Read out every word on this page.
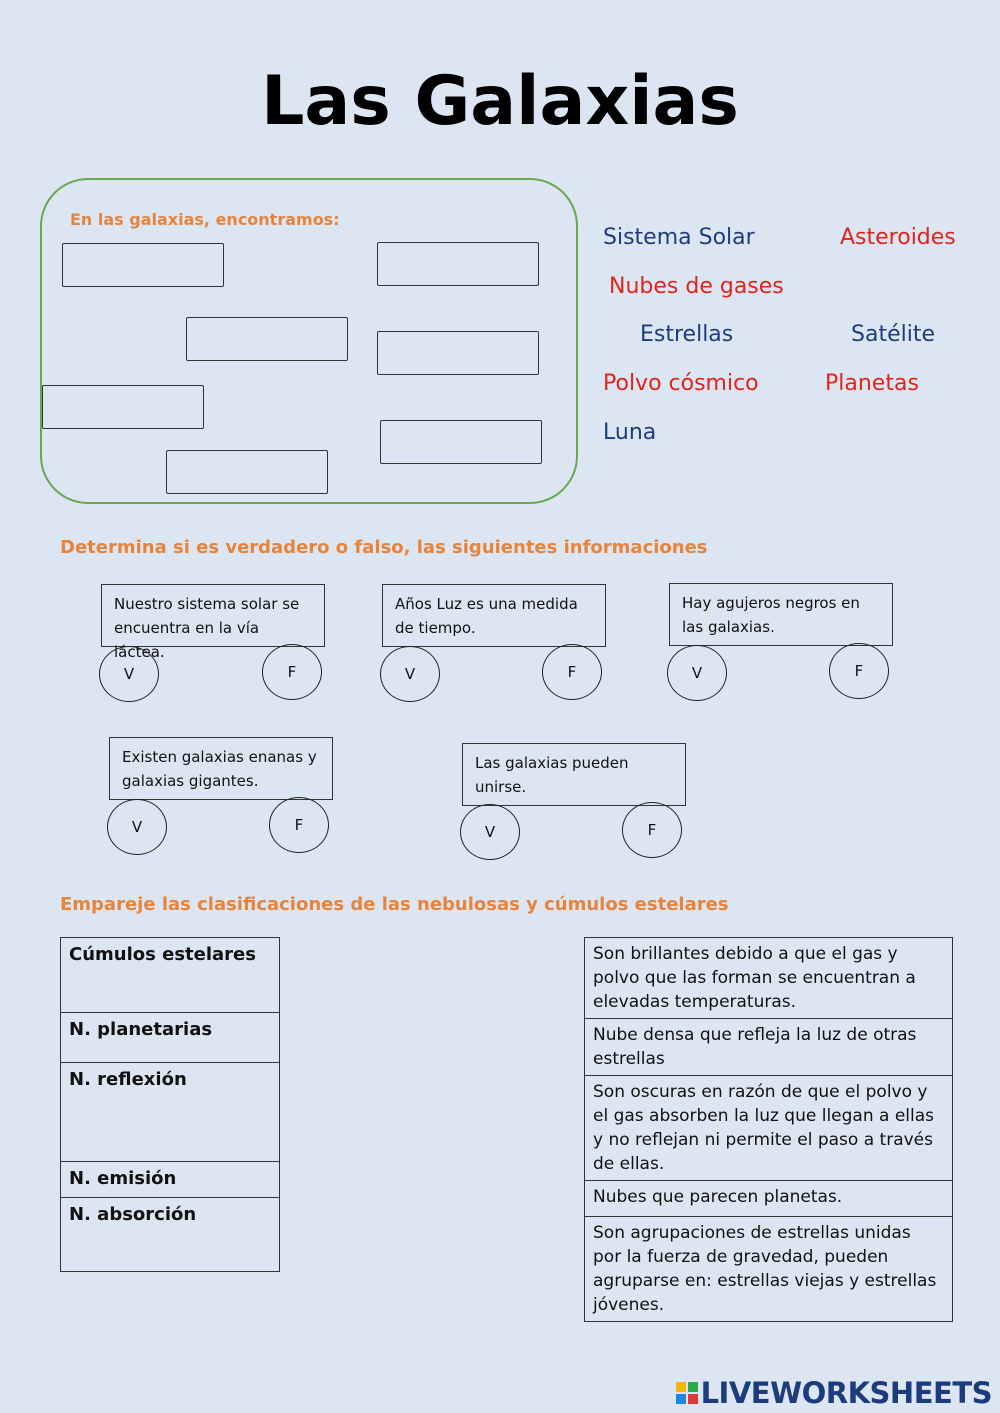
Las Galaxias
En las galaxias, encontramos:
Sistema Solar	Asteroides
Nubes de gases
Estrellas	Satélite
Polvo cósmico	Planetas
Luna
Determina si es verdadero o falso, las siguientes informaciones
Nuestro sistema solar se encuentra en la vía láctea.
V	F
Años Luz es una medida de tiempo.
V	F
Hay agujeros negros en las galaxias.
V	F
Existen galaxias enanas y galaxias gigantes.
V	F
Las galaxias pueden unirse.
V	F
Empareje las clasificaciones de las nebulosas y cúmulos estelares
Cúmulos estelares
N. planetarias
N. reflexión
N. emisión
N. absorción
Son brillantes debido a que el gas y polvo que las forman se encuentran a elevadas temperaturas.
Nube densa que refleja la luz de otras estrellas
Son oscuras en razón de que el polvo y el gas absorben la luz que llegan a ellas y no reflejan ni permite el paso a través de ellas.
Nubes que parecen planetas.
Son agrupaciones de estrellas unidas por la fuerza de gravedad, pueden agruparse en: estrellas viejas y estrellas jóvenes.
LIVEWORKSHEETS
